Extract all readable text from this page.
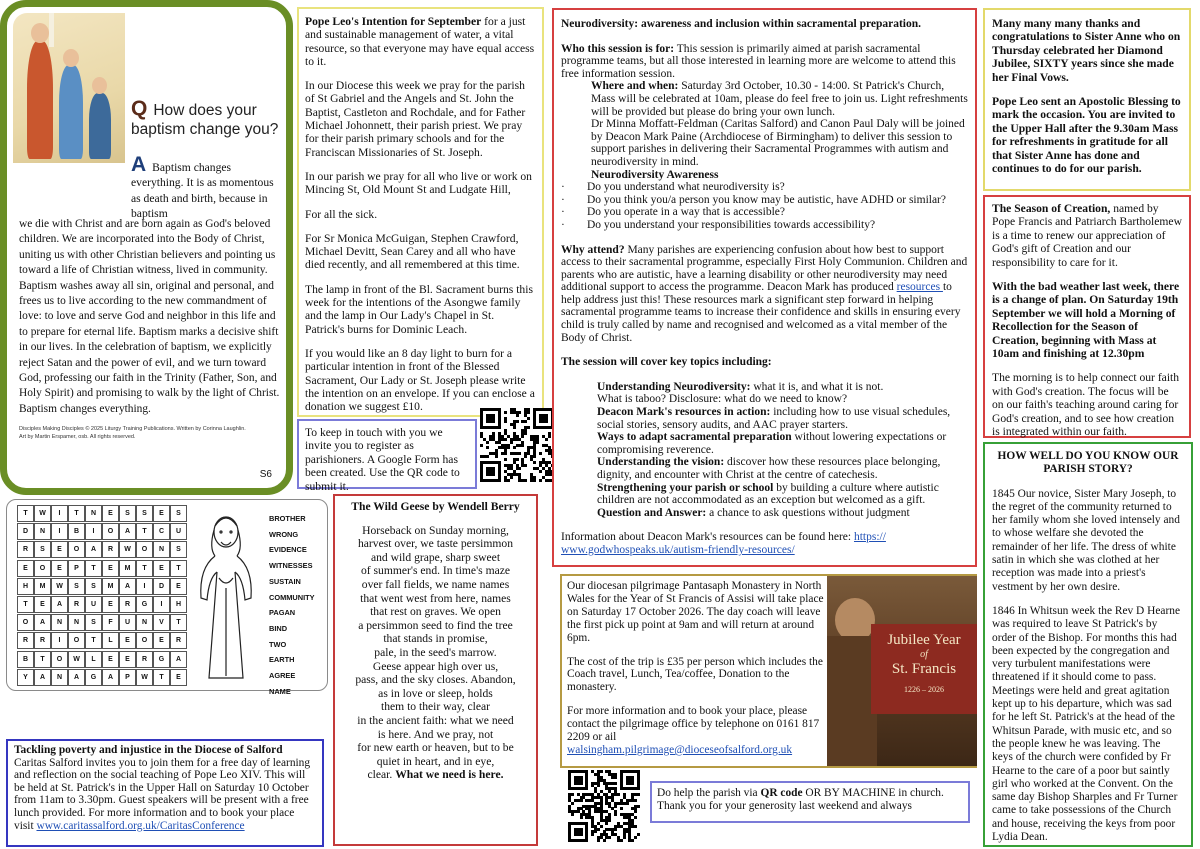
Q How does your baptism change you?
A Baptism changes everything. It is as momentous as death and birth, because in baptism
we die with Christ and are born again as God's beloved children. We are incorporated into the Body of Christ, uniting us with other Christian believers and pointing us toward a life of Christian witness, lived in community. Baptism washes away all sin, original and personal, and frees us to live according to the new commandment of love: to love and serve God and neighbor in this life and to prepare for eternal life. Baptism marks a decisive shift in our lives. In the celebration of baptism, we explicitly reject Satan and the power of evil, and we turn toward God, professing our faith in the Trinity (Father, Son, and Holy Spirit) and promising to walk by the light of Christ. Baptism changes everything.
Disciples Making Disciples © 2025 Liturgy Training Publications. Written by Corinna Laughlin.
Art by Martin Erspamer, osb. All rights reserved.
S6

Pope Leo's Intention for September for a just and sustainable management of water, a vital resource, so that everyone may have equal access to it.

In our Diocese this week we pray for the parish of St Gabriel and the Angels and St. John the Baptist, Castleton and Rochdale, and for Father Michael Johonnett, their parish priest. We pray for their parish primary schools and for the Franciscan Missionaries of St. Joseph.

In our parish we pray for all who live or work on Mincing St, Old Mount St and Ludgate Hill,

For all the sick.

For Sr Monica McGuigan, Stephen Crawford, Michael Devitt, Sean Carey and all who have died recently, and all remembered at this time.

The lamp in front of the Bl. Sacrament burns this week for the intentions of the Asongwe family and the lamp in Our Lady's Chapel in St. Patrick's burns for Dominic Leach.

If you would like an 8 day light to burn for a particular intention in front of the Blessed Sacrament, Our Lady or St. Joseph please write the intention on an envelope. If you can enclose a donation we suggest £10.

To keep in touch with you we invite you to register as parishioners. A Google Form has been created. Use the QR code to submit it.
Neurodiversity: awareness and inclusion within sacramental preparation.
Who this session is for: This session is primarily aimed at parish sacramental programme teams, but all those interested in learning more are welcome to attend this free information session.
Where and when: Saturday 3rd October, 10.30 - 14:00. St Patrick's Church, Mass will be celebrated at 10am, please do feel free to join us. Light refreshments will be provided but please do bring your own lunch.
Dr Minna Moffatt-Feldman (Caritas Salford) and Canon Paul Daly will be joined by Deacon Mark Paine (Archdiocese of Birmingham) to deliver this session to support parishes in delivering their Sacramental Programmes with autism and neurodiversity in mind.
Neurodiversity Awareness
·	Do you understand what neurodiversity is?
·	Do you think you/a person you know may be autistic, have ADHD or similar?
·	Do you operate in a way that is accessible?
·	Do you understand your responsibilities towards accessibility?
Why attend? Many parishes are experiencing confusion about how best to support access to their sacramental programme, especially First Holy Communion. Children and parents who are autistic, have a learning disability or other neurodiversity may need additional support to access the programme. Deacon Mark has produced resources to help address just this! These resources mark a significant step forward in helping sacramental programme teams to increase their confidence and skills in ensuring every child is truly called by name and recognised and welcomed as a vital member of the Body of Christ.
The session will cover key topics including:
Understanding Neurodiversity: what it is, and what it is not.
What is taboo? Disclosure: what do we need to know?
Deacon Mark's resources in action: including how to use visual schedules, social stories, sensory audits, and AAC prayer starters.
Ways to adapt sacramental preparation without lowering expectations or compromising reverence.
Understanding the vision: discover how these resources place belonging, dignity, and encounter with Christ at the centre of catechesis.
Strengthening your parish or school by building a culture where autistic children are not accommodated as an exception but welcomed as a gift.
Question and Answer: a chance to ask questions without judgment
Information about Deacon Mark's resources can be found here: https:// www.godwhospeaks.uk/autism-friendly-resources/

Many many many thanks and congratulations to Sister Anne who on Thursday celebrated her Diamond Jubilee, SIXTY years since she made her Final Vows.

Pope Leo sent an Apostolic Blessing to mark the occasion. You are invited to the Upper Hall after the 9.30am Mass for refreshments in gratitude for all that Sister Anne has done and continues to do for our parish.

The Season of Creation, named by Pope Francis and Patriarch Bartholemew is a time to renew our appreciation of God's gift of Creation and our responsibility to care for it.

With the bad weather last week, there is a change of plan. On Saturday 19th September we will hold a Morning of Recollection for the Season of Creation, beginning with Mass at 10am and finishing at 12.30pm

The morning is to help connect our faith with God's creation. The focus will be on our faith's teaching around caring for God's creation, and to see how creation is integrated within our faith.

HOW WELL DO YOU KNOW OUR PARISH STORY?

1845 Our novice, Sister Mary Joseph, to the regret of the community returned to her family whom she loved intensely and to whose welfare she devoted the remainder of her life. The dress of white satin in which she was clothed at her reception was made into a priest's vestment by her own desire.

1846 In Whitsun week the Rev D Hearne was required to leave St Patrick's by order of the Bishop. For months this had been expected by the congregation and very turbulent manifestations were threatened if it should come to pass. Meetings were held and great agitation kept up to his departure, which was sad for he left St. Patrick's at the head of the Whitsun Parade, with music etc, and so the people knew he was leaving. The keys of the church were confided by Fr Hearne to the care of a poor but saintly girl who worked at the Convent. On the same day Bishop Sharples and Fr Turner came to take possessions of the Church and house, receiving the keys from poor Lydia Dean.

T	W	I	T	N	E	S	S	E	S
D	N	I	B	I	O	A	T	C	U
R	S	E	O	A	R	W	O	N	S
E	O	E	P	T	E	M	T	E	T
H	M	W	S	S	M	A	I	D	E
T	E	A	R	U	E	R	G	I	H
O	A	N	N	S	F	U	N	V	T
R	R	I	O	T	L	E	O	E	R
B	T	O	W	L	E	E	R	G	A
Y	A	N	A	G	A	P	W	T	E
BROTHER
WRONG
EVIDENCE
WITNESSES
SUSTAIN
COMMUNITY
PAGAN
BIND
TWO
EARTH
AGREE
NAME
The Wild Geese by Wendell Berry
Horseback on Sunday morning,
harvest over, we taste persimmon
and wild grape, sharp sweet
of summer's end. In time's maze
over fall fields, we name names
that went west from here, names
that rest on graves. We open
a persimmon seed to find the tree
that stands in promise,
pale, in the seed's marrow.
Geese appear high over us,
pass, and the sky closes. Abandon,
as in love or sleep, holds
them to their way, clear
in the ancient faith: what we need
is here. And we pray, not
for new earth or heaven, but to be
quiet in heart, and in eye,
clear. What we need is here.
Tackling poverty and injustice in the Diocese of Salford
Caritas Salford invites you to join them for a free day of learning and reflection on the social teaching of Pope Leo XIV. This will be held at St. Patrick's in the Upper Hall on Saturday 10 October from 11am to 3.30pm. Guest speakers will be present with a free lunch provided. For more information and to book your place
visit www.caritassalford.org.uk/CaritasConference

Our diocesan pilgrimage Pantasaph Monastery in North Wales for the Year of St Francis of Assisi will take place on Saturday 17 October 2026. The day coach will leave the first pick up point at 9am and will return at around 6pm.

The cost of the trip is £35 per person which includes the Coach travel, Lunch, Tea/coffee, Donation to the monastery.

For more information and to book your place, please contact the pilgrimage office by telephone on 0161 817 2209 or ail walsingham.pilgrimage@dioceseofsalford.org.uk

Jubilee Year
of
St. Francis
1226 – 2026
Do help the parish via QR code OR BY MACHINE in church. Thank you for your generosity last weekend and always
